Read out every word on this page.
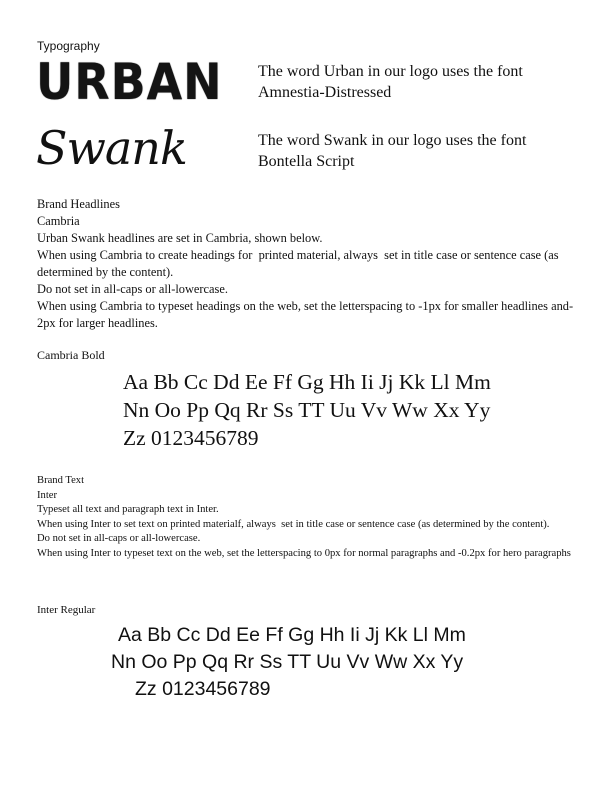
Typography
URBAN
Swank
The word Urban in our logo uses the font
Amnestia-Distressed
The word Swank in our logo uses the font
Bontella Script
Brand Headlines
Cambria
Urban Swank headlines are set in Cambria, shown below.
When using Cambria to create headings for  printed material, always  set in title case or sentence case (as determined by the content).
Do not set in all-caps or all-lowercase.
When using Cambria to typeset headings on the web, set the letterspacing to -1px for smaller headlines and-2px for larger headlines.
Cambria Bold
Aa Bb Cc Dd Ee Ff Gg Hh Ii Jj Kk Ll Mm
Nn Oo Pp Qq Rr Ss TT Uu Vv Ww Xx Yy
Zz 0123456789
Brand Text
Inter
Typeset all text and paragraph text in Inter.
When using Inter to set text on printed materialf, always  set in title case or sentence case (as determined by the content).
Do not set in all-caps or all-lowercase.
When using Inter to typeset text on the web, set the letterspacing to 0px for normal paragraphs and -0.2px for hero paragraphs
Inter Regular
Aa Bb Cc Dd Ee Ff Gg Hh Ii Jj Kk Ll Mm
Nn Oo Pp Qq Rr Ss TT Uu Vv Ww Xx Yy
Zz 0123456789
